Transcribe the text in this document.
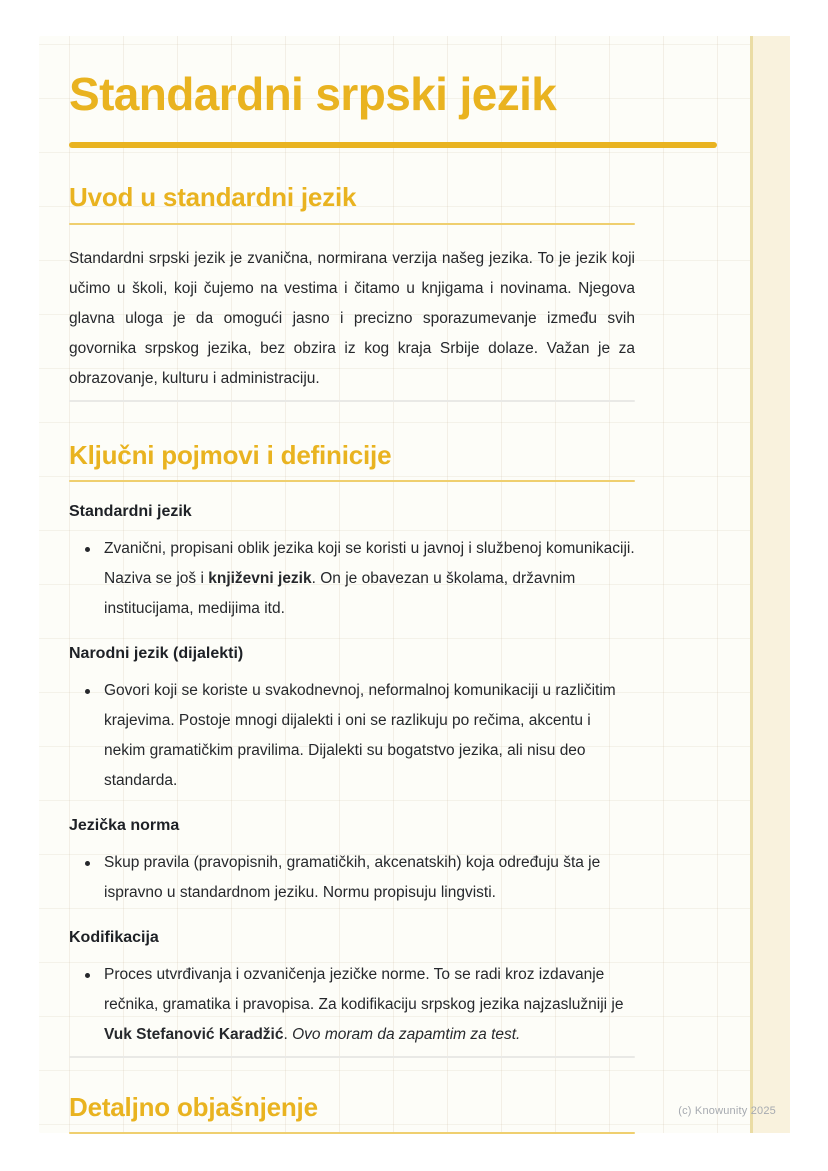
Standardni srpski jezik
Uvod u standardni jezik

Standardni srpski jezik je zvanična, normirana verzija našeg jezika. To je jezik koji učimo u školi, koji čujemo na vestima i čitamo u knjigama i novinama. Njegova glavna uloga je da omogući jasno i precizno sporazumevanje između svih govornika srpskog jezika, bez obzira iz kog kraja Srbije dolaze. Važan je za obrazovanje, kulturu i administraciju.

Ključni pojmovi i definicije
Standardni jezik
Zvanični, propisani oblik jezika koji se koristi u javnoj i službenoj komunikaciji. Naziva se još i književni jezik. On je obavezan u školama, državnim institucijama, medijima itd.
Narodni jezik (dijalekti)
Govori koji se koriste u svakodnevnoj, neformalnoj komunikaciji u različitim krajevima. Postoje mnogi dijalekti i oni se razlikuju po rečima, akcentu i nekim gramatičkim pravilima. Dijalekti su bogatstvo jezika, ali nisu deo standarda.
Jezička norma
Skup pravila (pravopisnih, gramatičkih, akcenatskih) koja određuju šta je ispravno u standardnom jeziku. Normu propisuju lingvisti.
Kodifikacija
Proces utvrđivanja i ozvaničenja jezičke norme. To se radi kroz izdavanje rečnika, gramatika i pravopisa. Za kodifikaciju srpskog jezika najzaslužniji je Vuk Stefanović Karadžić. Ovo moram da zapamtim za test.
Detaljno objašnjenje	(c) Knowunity 2025
